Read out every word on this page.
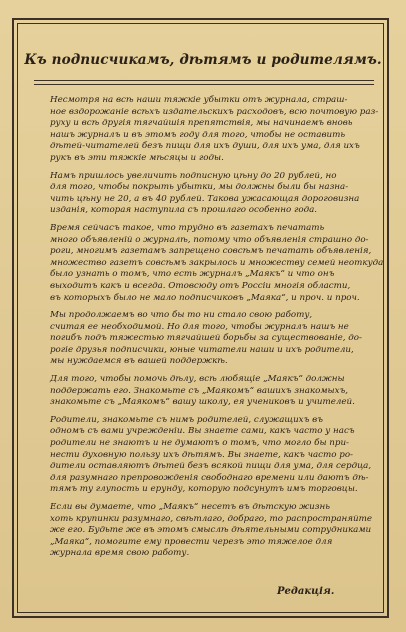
Къ подписчикамъ, дѣтямъ и родителямъ.
Несмотря на всѣ наши тяжкіе убытки отъ журнала, страш-
ное вздорожаніе всѣхъ издательскихъ расходовъ, всю почтовую раз-
руху и всѣ другія тягчайшія препятствія, мы начинаемъ вновь
нашъ журналъ и въ этомъ году для того, чтобы не оставить
дѣтей-читателей безъ пищи для ихъ души, для ихъ ума, для ихъ
рукъ въ эти тяжкіе мѣсяцы и годы.
Намъ пришлось увеличить подписную цѣну до 20 рублей, но
для того, чтобы покрыть убытки, мы должны были бы назна-
чить цѣну не 20, а въ 40 рублей. Такова ужасающая дороговизна
изданія, которая наступила съ прошлаго особенно года.
Время сейчасъ такое, что трудно въ газетахъ печатать
много объявленій о журналѣ, потому что объявленія страшно до-
роги, многимъ газетамъ запрещено совсѣмъ печатать объявленія,
множество газетъ совсѣмъ закрылось и множеству семей неоткуда
было узнать о томъ, что есть журналъ „Маякъ“ и что онъ
выходитъ какъ и всегда. Отовсюду отъ Россіи многія области,
въ которыхъ было не мало подписчиковъ „Маяка“, и проч. и проч.
Мы продолжаемъ во что бы то ни стало свою работу,
считая ее необходимой. Но для того, чтобы журналъ нашъ не
погибъ подъ тяжестью тягчайшей борьбы за существованіе, до-
рогіе друзья подписчики, юные читатели наши и ихъ родители,
мы нуждаемся въ вашей поддержкѣ.
Для того, чтобы помочь дѣлу, всѣ любящіе „Маякъ“ должны
поддержать его. Знакомьте съ „Маякомъ“ вашихъ знакомыхъ,
знакомьте съ „Маякомъ“ вашу школу, ея учениковъ и учителей.
Родители, знакомьте съ нимъ родителей, служащихъ въ
одномъ съ вами учрежденіи. Вы знаете сами, какъ часто у насъ
родители не знаютъ и не думаютъ о томъ, что могло бы при-
нести духовную пользу ихъ дѣтямъ. Вы знаете, какъ часто ро-
дители оставляютъ дѣтей безъ всякой пищи для ума, для сердца,
для разумнаго препровожденія свободнаго времени или даютъ дѣ-
тямъ ту глупость и ерунду, которую подсунутъ имъ торговцы.
Если вы думаете, что „Маякъ“ несетъ въ дѣтскую жизнь
хоть крупинки разумнаго, свѣтлаго, добраго, то распространяйте
же его. Будьте же въ этомъ смыслѣ дѣятельными сотрудниками
„Маяка“, помогите ему провести черезъ это тяжелое для
журнала время свою работу.
Редакція.
